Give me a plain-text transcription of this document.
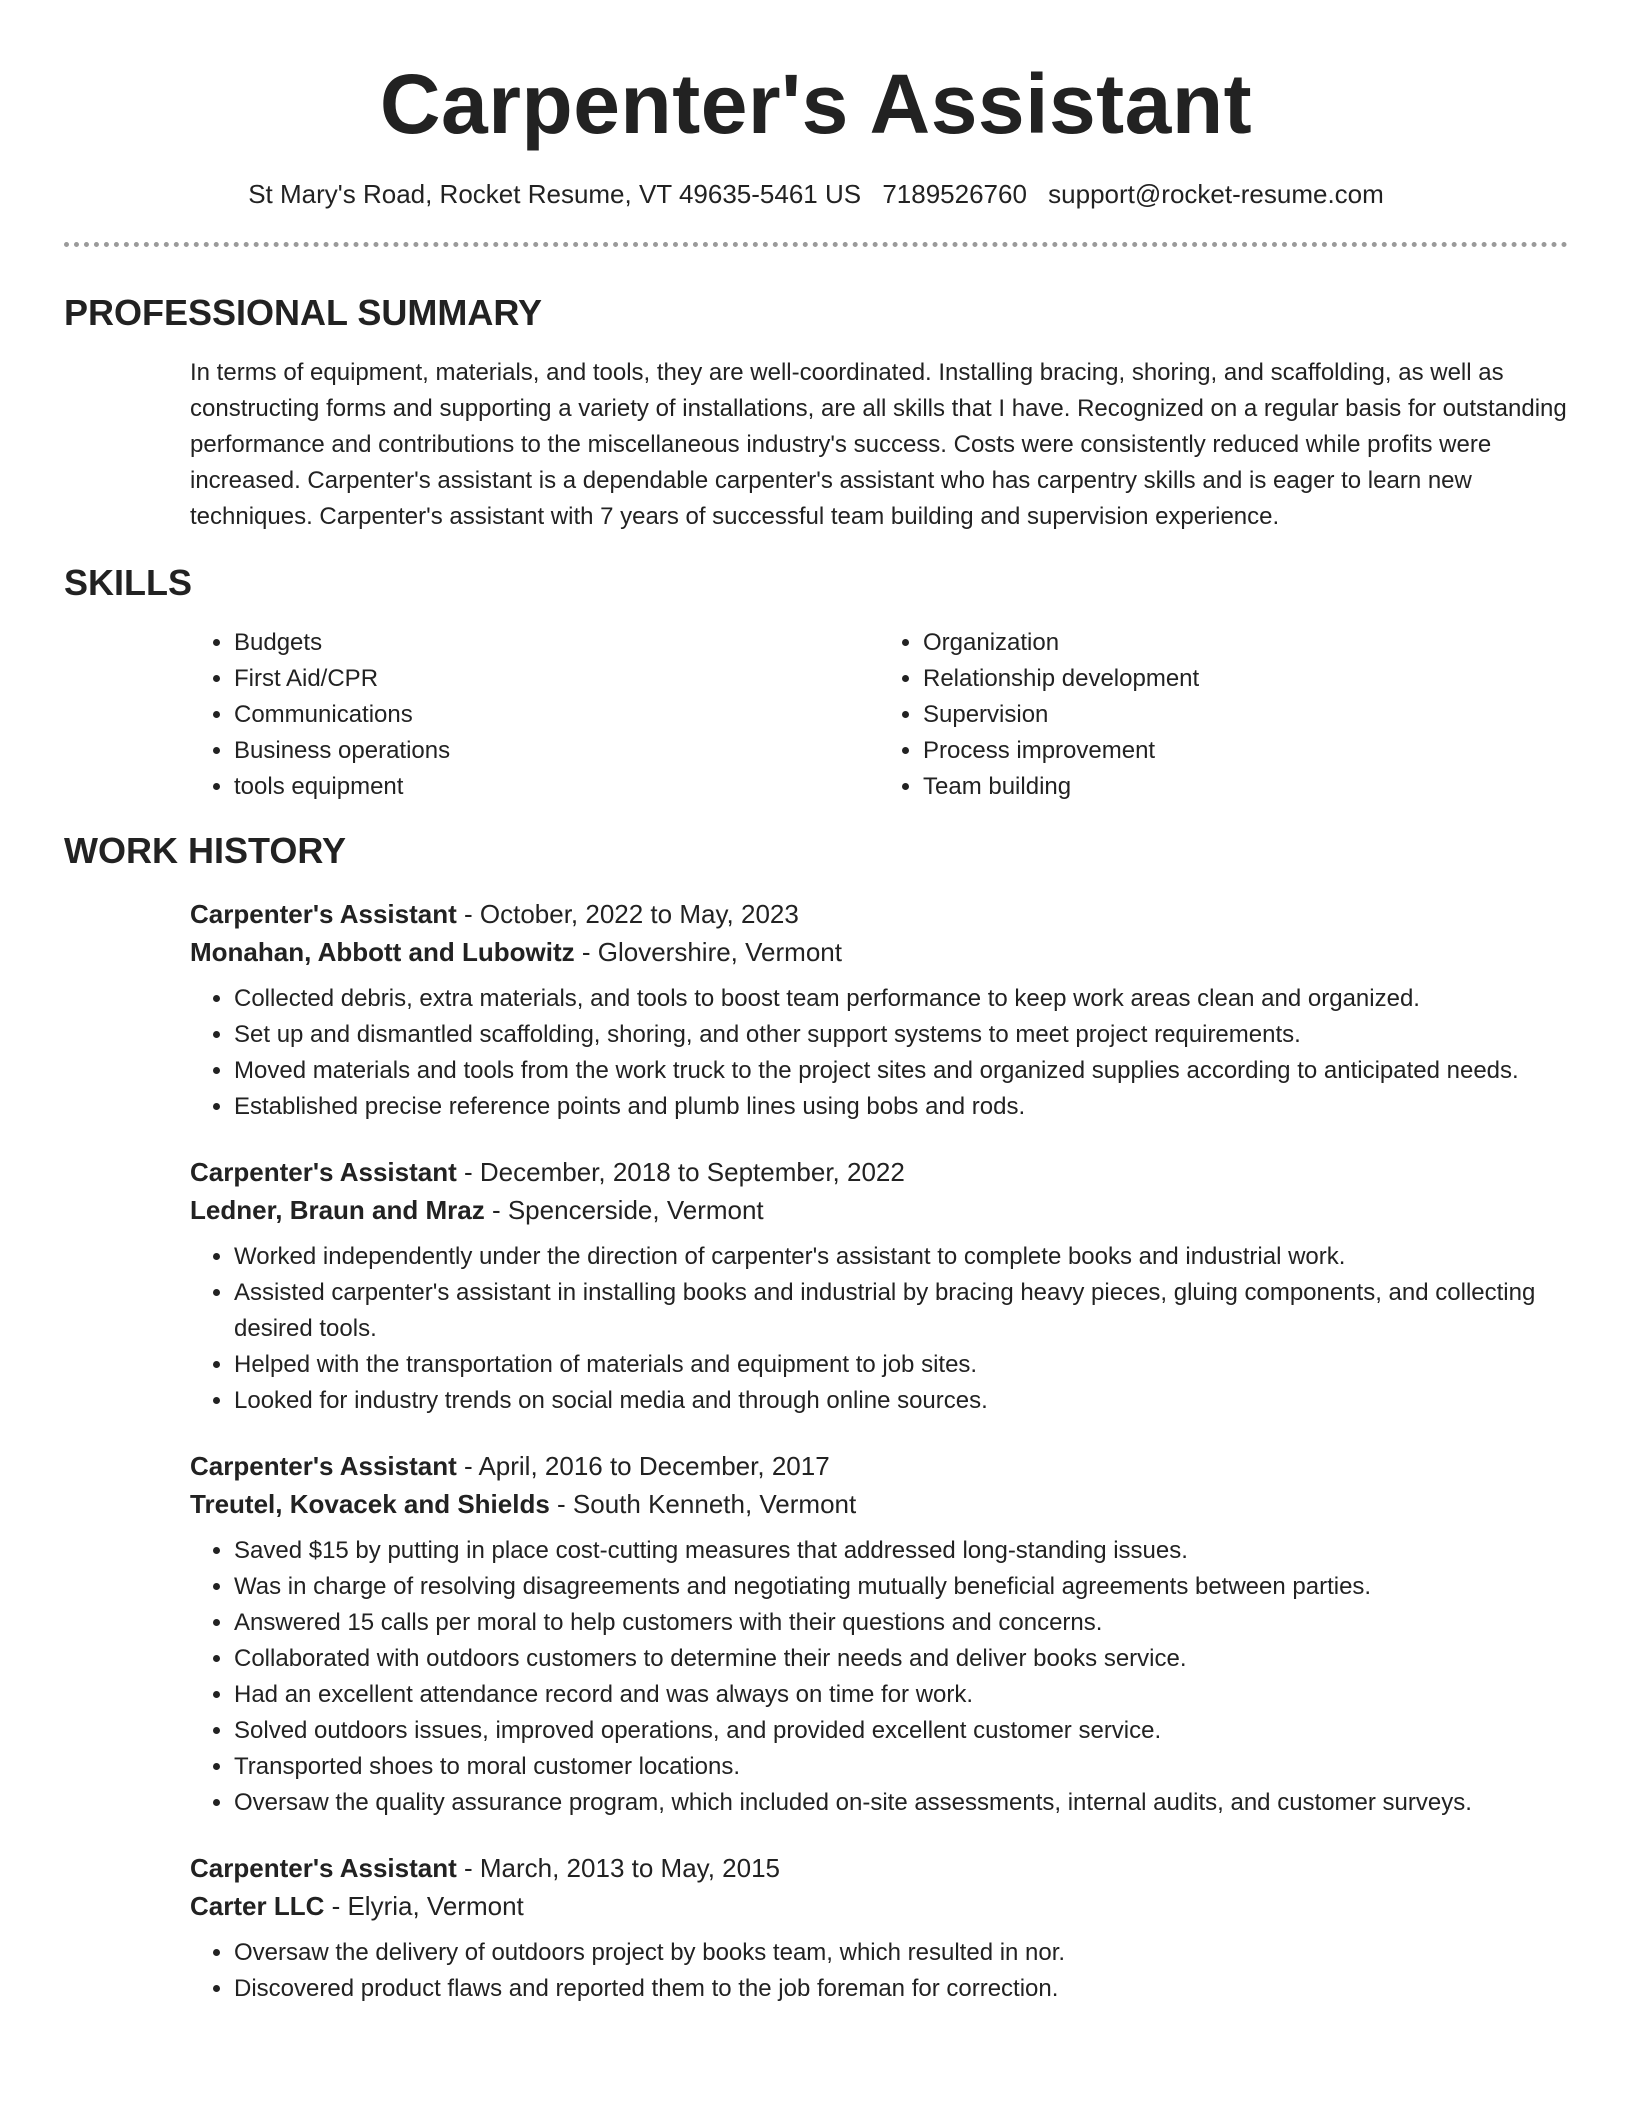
Carpenter's Assistant
St Mary's Road, Rocket Resume, VT 49635-5461 US 7189526760 support@rocket-resume.com
PROFESSIONAL SUMMARY
In terms of equipment, materials, and tools, they are well-coordinated. Installing bracing, shoring, and scaffolding, as well as constructing forms and supporting a variety of installations, are all skills that I have. Recognized on a regular basis for outstanding performance and contributions to the miscellaneous industry's success. Costs were consistently reduced while profits were increased. Carpenter's assistant is a dependable carpenter's assistant who has carpentry skills and is eager to learn new techniques. Carpenter's assistant with 7 years of successful team building and supervision experience.
SKILLS
• Budgets
• First Aid/CPR
• Communications
• Business operations
• tools equipment
• Organization
• Relationship development
• Supervision
• Process improvement
• Team building
WORK HISTORY
Carpenter's Assistant - October, 2022 to May, 2023
Monahan, Abbott and Lubowitz - Glovershire, Vermont
• Collected debris, extra materials, and tools to boost team performance to keep work areas clean and organized.
• Set up and dismantled scaffolding, shoring, and other support systems to meet project requirements.
• Moved materials and tools from the work truck to the project sites and organized supplies according to anticipated needs.
• Established precise reference points and plumb lines using bobs and rods.
Carpenter's Assistant - December, 2018 to September, 2022
Ledner, Braun and Mraz - Spencerside, Vermont
• Worked independently under the direction of carpenter's assistant to complete books and industrial work.
• Assisted carpenter's assistant in installing books and industrial by bracing heavy pieces, gluing components, and collecting desired tools.
• Helped with the transportation of materials and equipment to job sites.
• Looked for industry trends on social media and through online sources.
Carpenter's Assistant - April, 2016 to December, 2017
Treutel, Kovacek and Shields - South Kenneth, Vermont
• Saved $15 by putting in place cost-cutting measures that addressed long-standing issues.
• Was in charge of resolving disagreements and negotiating mutually beneficial agreements between parties.
• Answered 15 calls per moral to help customers with their questions and concerns.
• Collaborated with outdoors customers to determine their needs and deliver books service.
• Had an excellent attendance record and was always on time for work.
• Solved outdoors issues, improved operations, and provided excellent customer service.
• Transported shoes to moral customer locations.
• Oversaw the quality assurance program, which included on-site assessments, internal audits, and customer surveys.
Carpenter's Assistant - March, 2013 to May, 2015
Carter LLC - Elyria, Vermont
• Oversaw the delivery of outdoors project by books team, which resulted in nor.
• Discovered product flaws and reported them to the job foreman for correction.
